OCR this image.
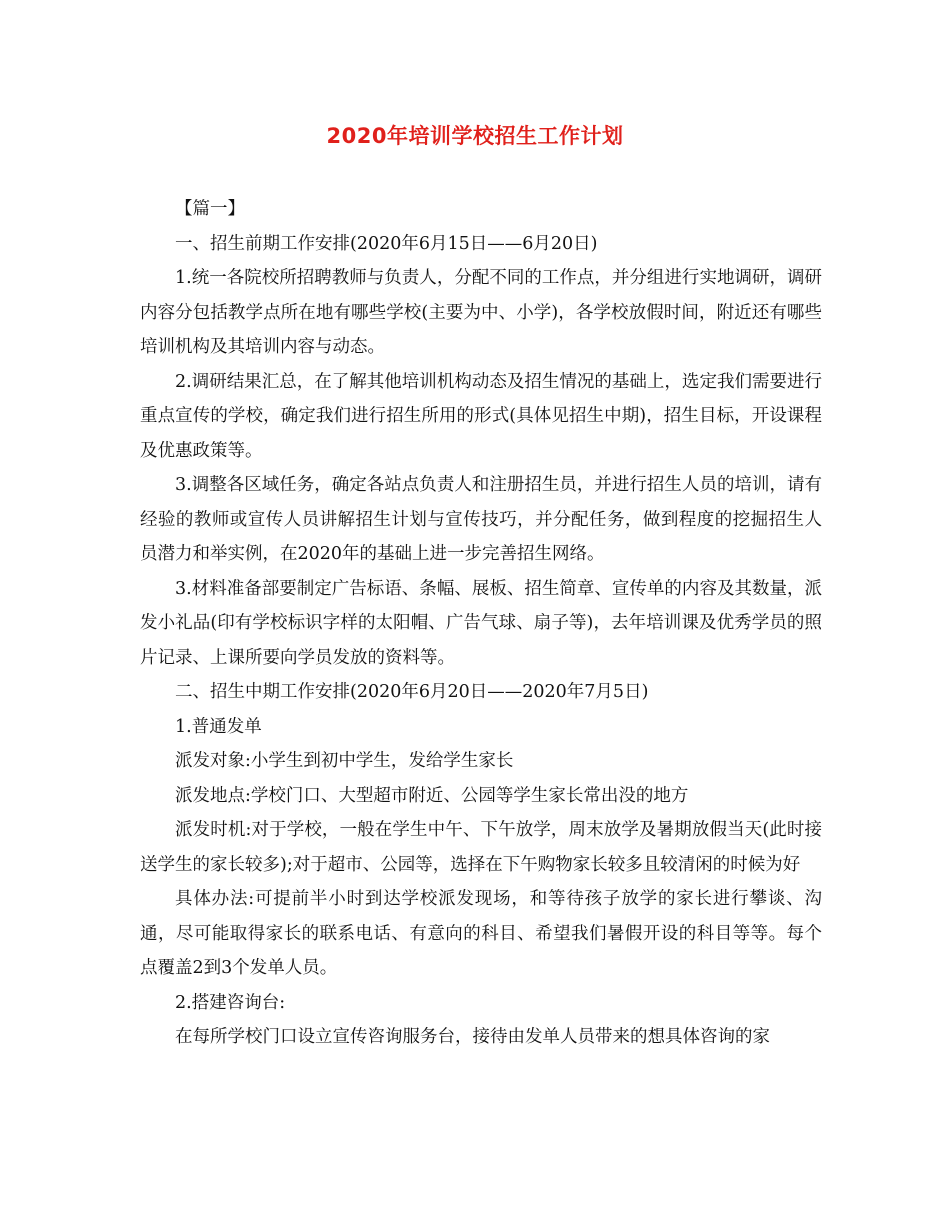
2020年培训学校招生工作计划

【篇一】

一、招生前期工作安排(2020年6月15日——6月20日)

1.统一各院校所招聘教师与负责人，分配不同的工作点，并分组进行实地调研，调研内容分包括教学点所在地有哪些学校(主要为中、小学)，各学校放假时间，附近还有哪些培训机构及其培训内容与动态。

2.调研结果汇总，在了解其他培训机构动态及招生情况的基础上，选定我们需要进行重点宣传的学校，确定我们进行招生所用的形式(具体见招生中期)，招生目标，开设课程及优惠政策等。

3.调整各区域任务，确定各站点负责人和注册招生员，并进行招生人员的培训，请有经验的教师或宣传人员讲解招生计划与宣传技巧，并分配任务，做到程度的挖掘招生人员潜力和举实例，在2020年的基础上进一步完善招生网络。

3.材料准备部要制定广告标语、条幅、展板、招生简章、宣传单的内容及其数量，派发小礼品(印有学校标识字样的太阳帽、广告气球、扇子等)，去年培训课及优秀学员的照片记录、上课所要向学员发放的资料等。

二、招生中期工作安排(2020年6月20日——2020年7月5日)

1.普通发单

派发对象:小学生到初中学生，发给学生家长

派发地点:学校门口、大型超市附近、公园等学生家长常出没的地方

派发时机:对于学校，一般在学生中午、下午放学，周末放学及暑期放假当天(此时接送学生的家长较多);对于超市、公园等，选择在下午购物家长较多且较清闲的时候为好

具体办法:可提前半小时到达学校派发现场，和等待孩子放学的家长进行攀谈、沟通，尽可能取得家长的联系电话、有意向的科目、希望我们暑假开设的科目等等。每个点覆盖2到3个发单人员。

2.搭建咨询台:

在每所学校门口设立宣传咨询服务台，接待由发单人员带来的想具体咨询的家
